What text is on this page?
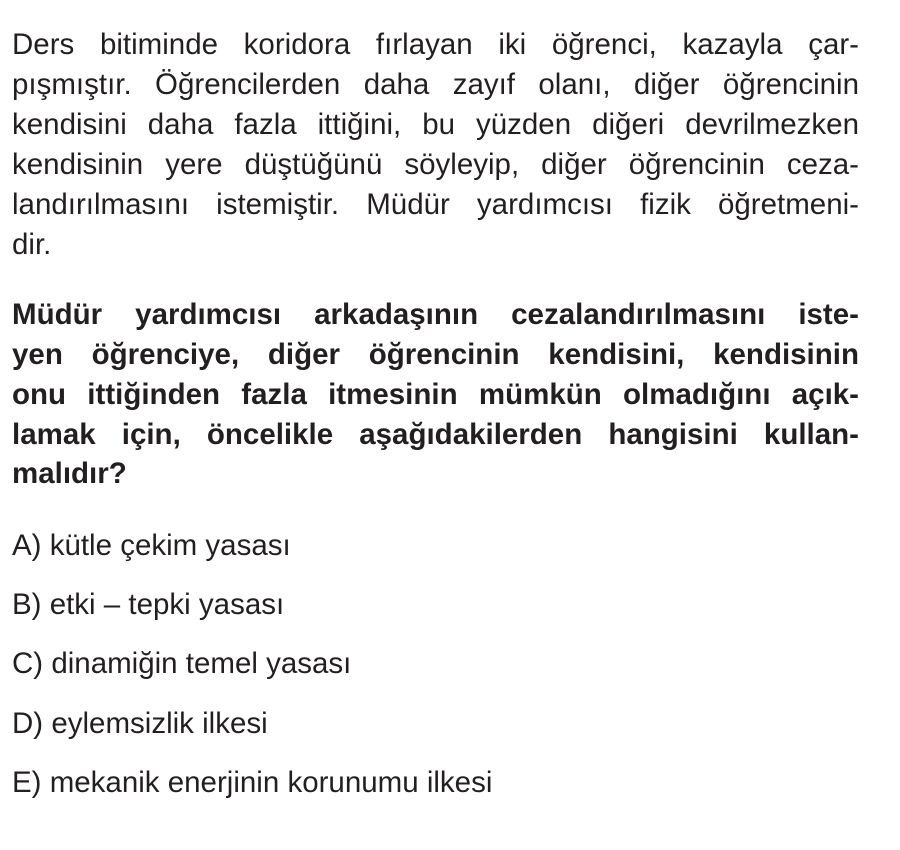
Ders bitiminde koridora fırlayan iki öğrenci, kazayla çar-
pışmıştır. Öğrencilerden daha zayıf olanı, diğer öğrencinin
kendisini daha fazla ittiğini, bu yüzden diğeri devrilmezken
kendisinin yere düştüğünü söyleyip, diğer öğrencinin ceza-
landırılmasını istemiştir. Müdür yardımcısı fizik öğretmeni-
dir.
Müdür yardımcısı arkadaşının cezalandırılmasını iste-
yen öğrenciye, diğer öğrencinin kendisini, kendisinin
onu ittiğinden fazla itmesinin mümkün olmadığını açık-
lamak için, öncelikle aşağıdakilerden hangisini kullan-
malıdır?
A) kütle çekim yasası
B) etki – tepki yasası
C) dinamiğin temel yasası
D) eylemsizlik ilkesi
E) mekanik enerjinin korunumu ilkesi
